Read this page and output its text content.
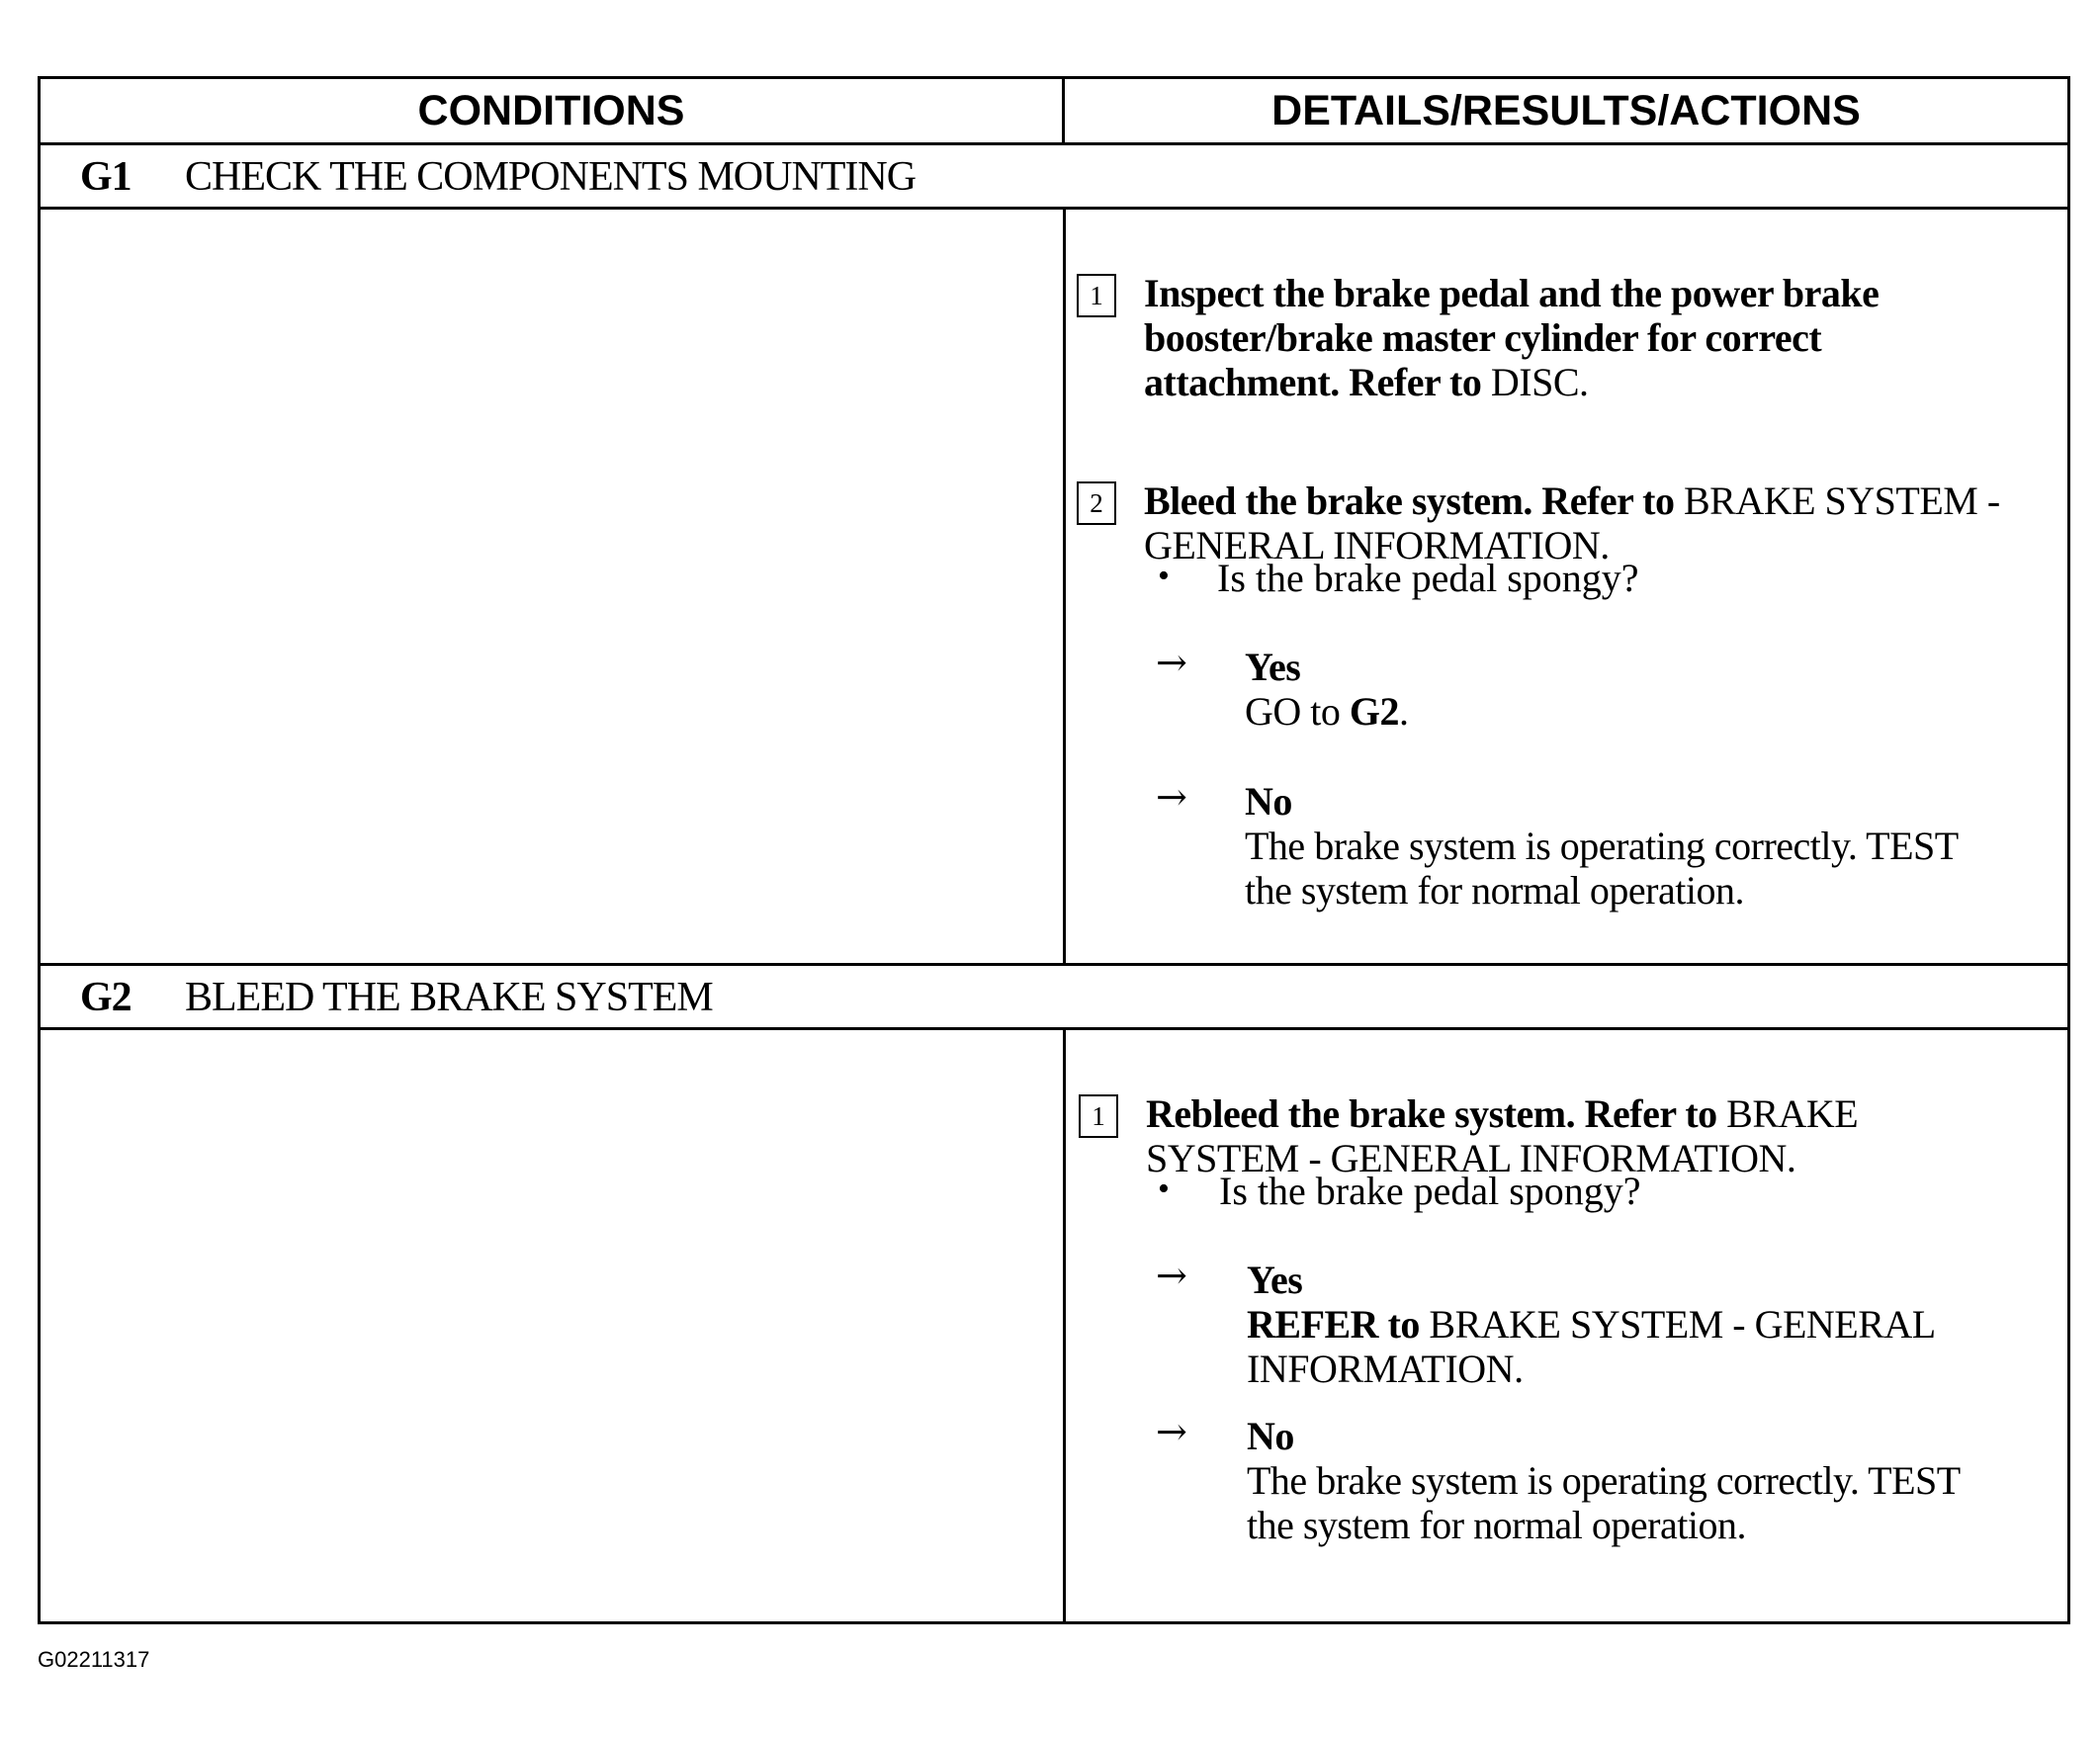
CONDITIONS	DETAILS/RESULTS/ACTIONS
G1 CHECK THE COMPONENTS MOUNTING
1	Inspect the brake pedal and the power brake booster/brake master cylinder for correct attachment. Refer to DISC.
2	Bleed the brake system. Refer to BRAKE SYSTEM - GENERAL INFORMATION.
• Is the brake pedal spongy?
→ Yes
GO to G2.
→ No
The brake system is operating correctly. TEST the system for normal operation.
G2 BLEED THE BRAKE SYSTEM
1	Rebleed the brake system. Refer to BRAKE SYSTEM - GENERAL INFORMATION.
• Is the brake pedal spongy?
→ Yes
REFER to BRAKE SYSTEM - GENERAL INFORMATION.
→ No
The brake system is operating correctly. TEST the system for normal operation.
G02211317
